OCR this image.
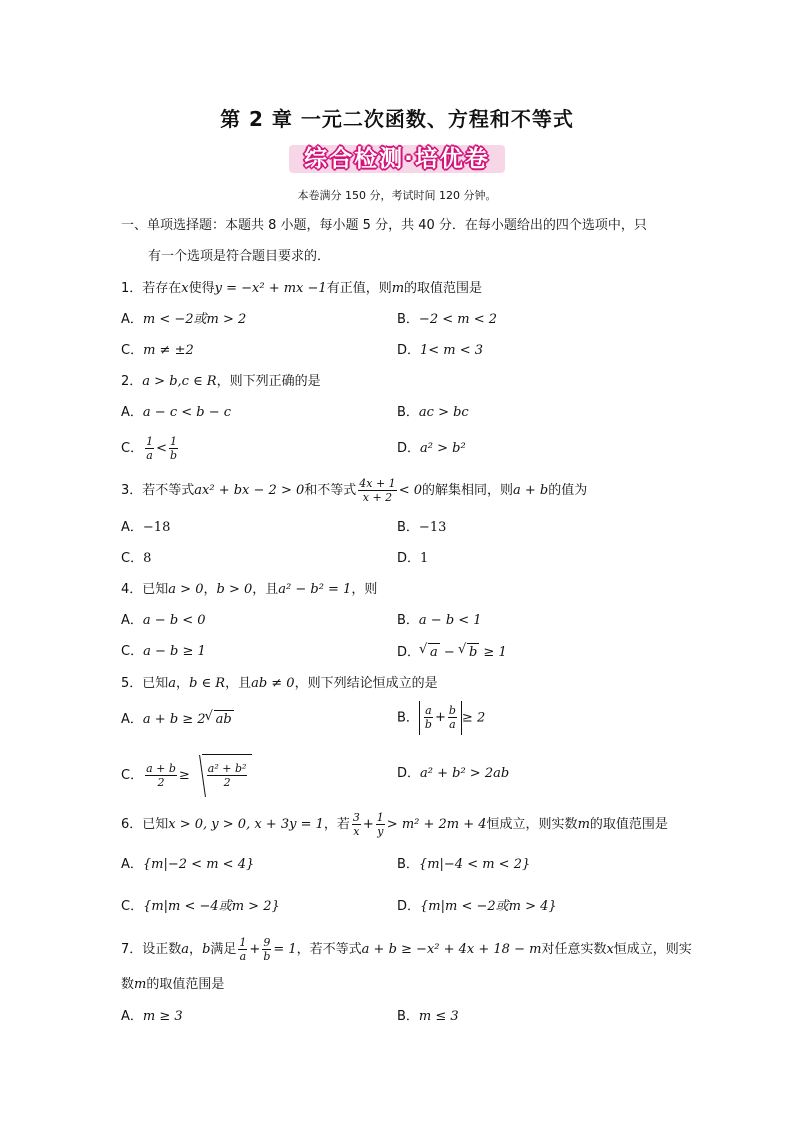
第 2 章 一元二次函数、方程和不等式
综合检测·培优卷
本卷满分 150 分，考试时间 120 分钟。
一、单项选择题：本题共 8 小题，每小题 5 分，共 40 分．在每小题给出的四个选项中，只
有一个选项是符合题目要求的．
1．若存在x使得y = −x² + mx −1有正值，则m的取值范围是
A．m < −2或m > 2	B．−2 < m < 2
C．m ≠ ±2	D．1< m < 3
2．a > b,c ∈ R，则下列正确的是
A．a − c < b − c	B．ac > bc
C． $\frac{1}{a} < \frac{1}{b}$	D．a² > b²
3．若不等式ax² + bx − 2 > 0和不等式 $\frac{4x + 1}{x + 2} < 0$的解集相同，则a + b的值为
A．−18	B．−13
C．8	D．1
4．已知a > 0，b > 0，且a² − b² = 1，则
A．a − b < 0	B．a − b < 1
C．a − b ≥ 1	D． √ a − √ b ≥ 1
5．已知a，b ∈ R，且ab ≠ 0，则下列结论恒成立的是
A．a + b ≥ 2 √ ab	B． $\frac{a}{b} + \frac{b}{a} \ge 2$
C． $\frac{a + b}{2} \ge \frac{\text{a² + b²}}{2}$	D．a² + b² > 2ab
6．已知x > 0, y > 0, x + 3y = 1，若 $\frac{3}{x} + \frac{1}{y} > m^2 + 2m + 4$恒成立，则实数m的取值范围是
A．{m|−2 < m < 4}	B．{m|−4 < m < 2}
C．{m|m < −4或m > 2}	D．{m|m < −2或m > 4}
7．设正数a，b满足 $\frac{1}{a} + \frac{9}{b} = 1$，若不等式a + b ≥ −x² + 4x + 18 − m对任意实数x恒成立，则实
数m的取值范围是
A．m ≥ 3	B．m ≤ 3
